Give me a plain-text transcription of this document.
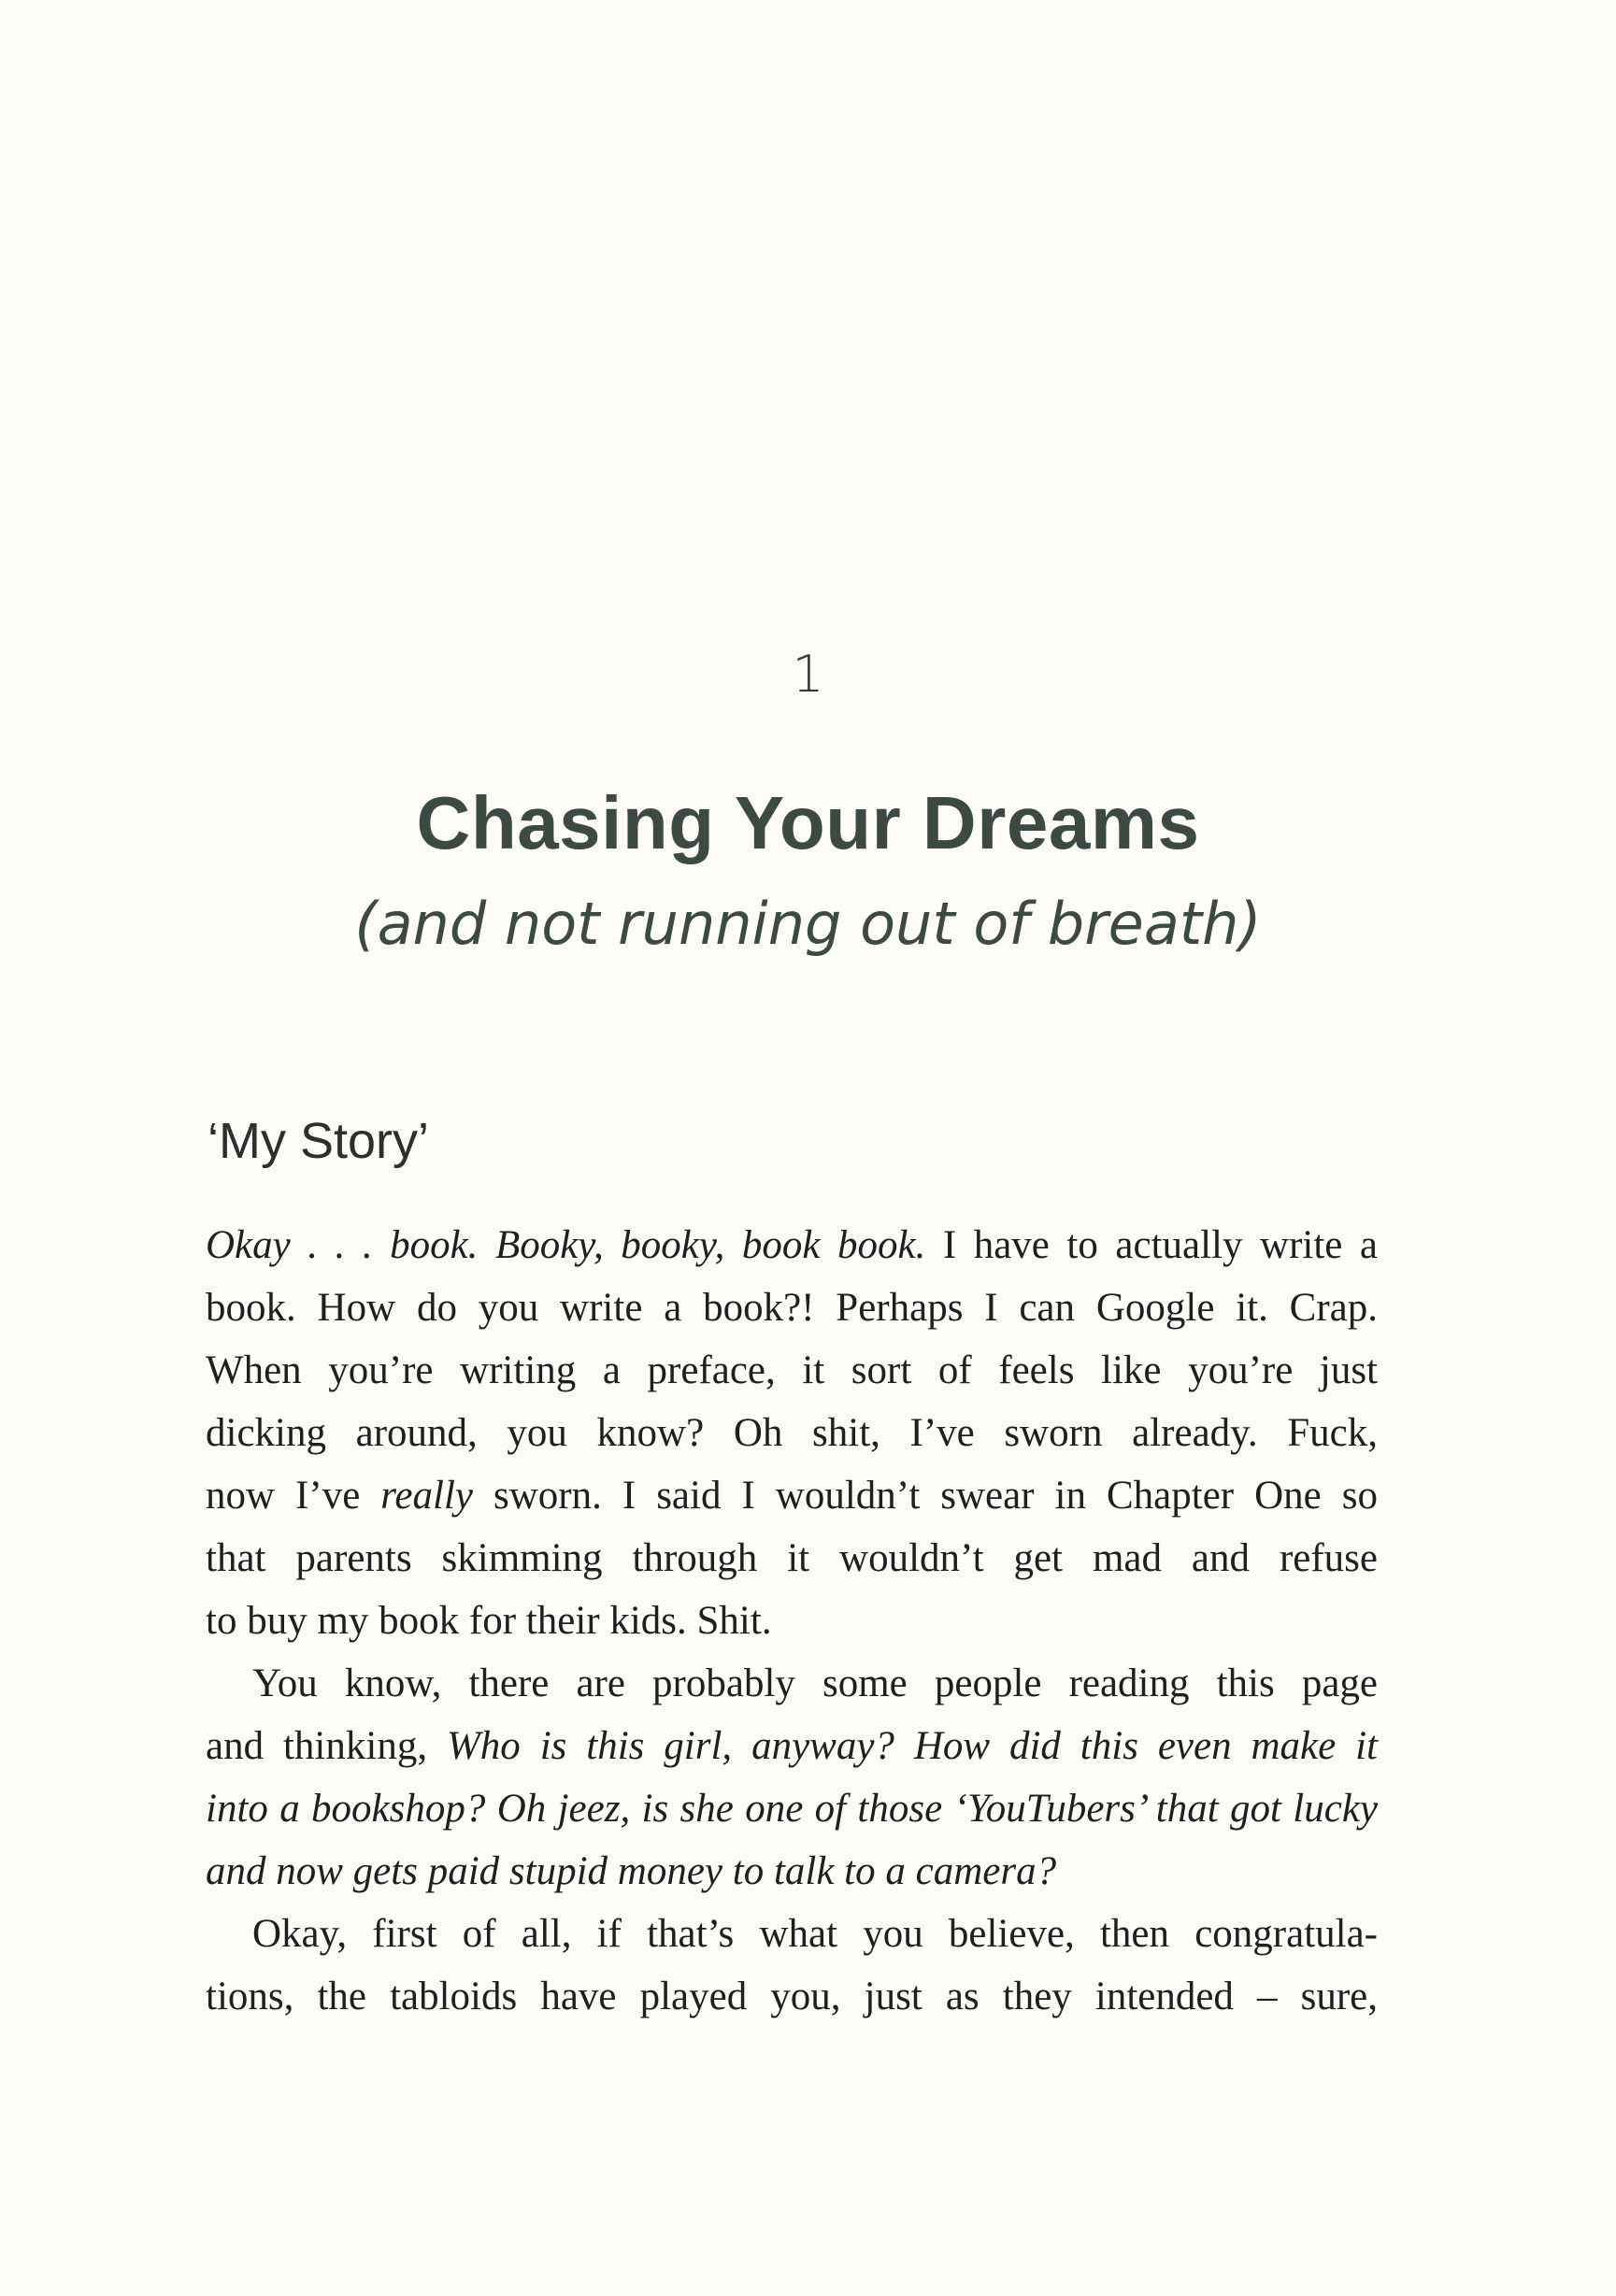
1
Chasing Your Dreams
(and not running out of breath)
‘My Story’

Okay . . . book. Booky, booky, book book. I have to actually write a

book. How do you write a book?! Perhaps I can Google it. Crap.

When you’re writing a preface, it sort of feels like you’re just

dicking around, you know? Oh shit, I’ve sworn already. Fuck,

now I’ve really sworn. I said I wouldn’t swear in Chapter One so

that parents skimming through it wouldn’t get mad and refuse

to buy my book for their kids. Shit.

You know, there are probably some people reading this page

and thinking, Who is this girl, anyway? How did this even make it

into a bookshop? Oh jeez, is she one of those ‘YouTubers’ that got lucky

and now gets paid stupid money to talk to a camera?

Okay, first of all, if that’s what you believe, then congratula-

tions, the tabloids have played you, just as they intended – sure,
